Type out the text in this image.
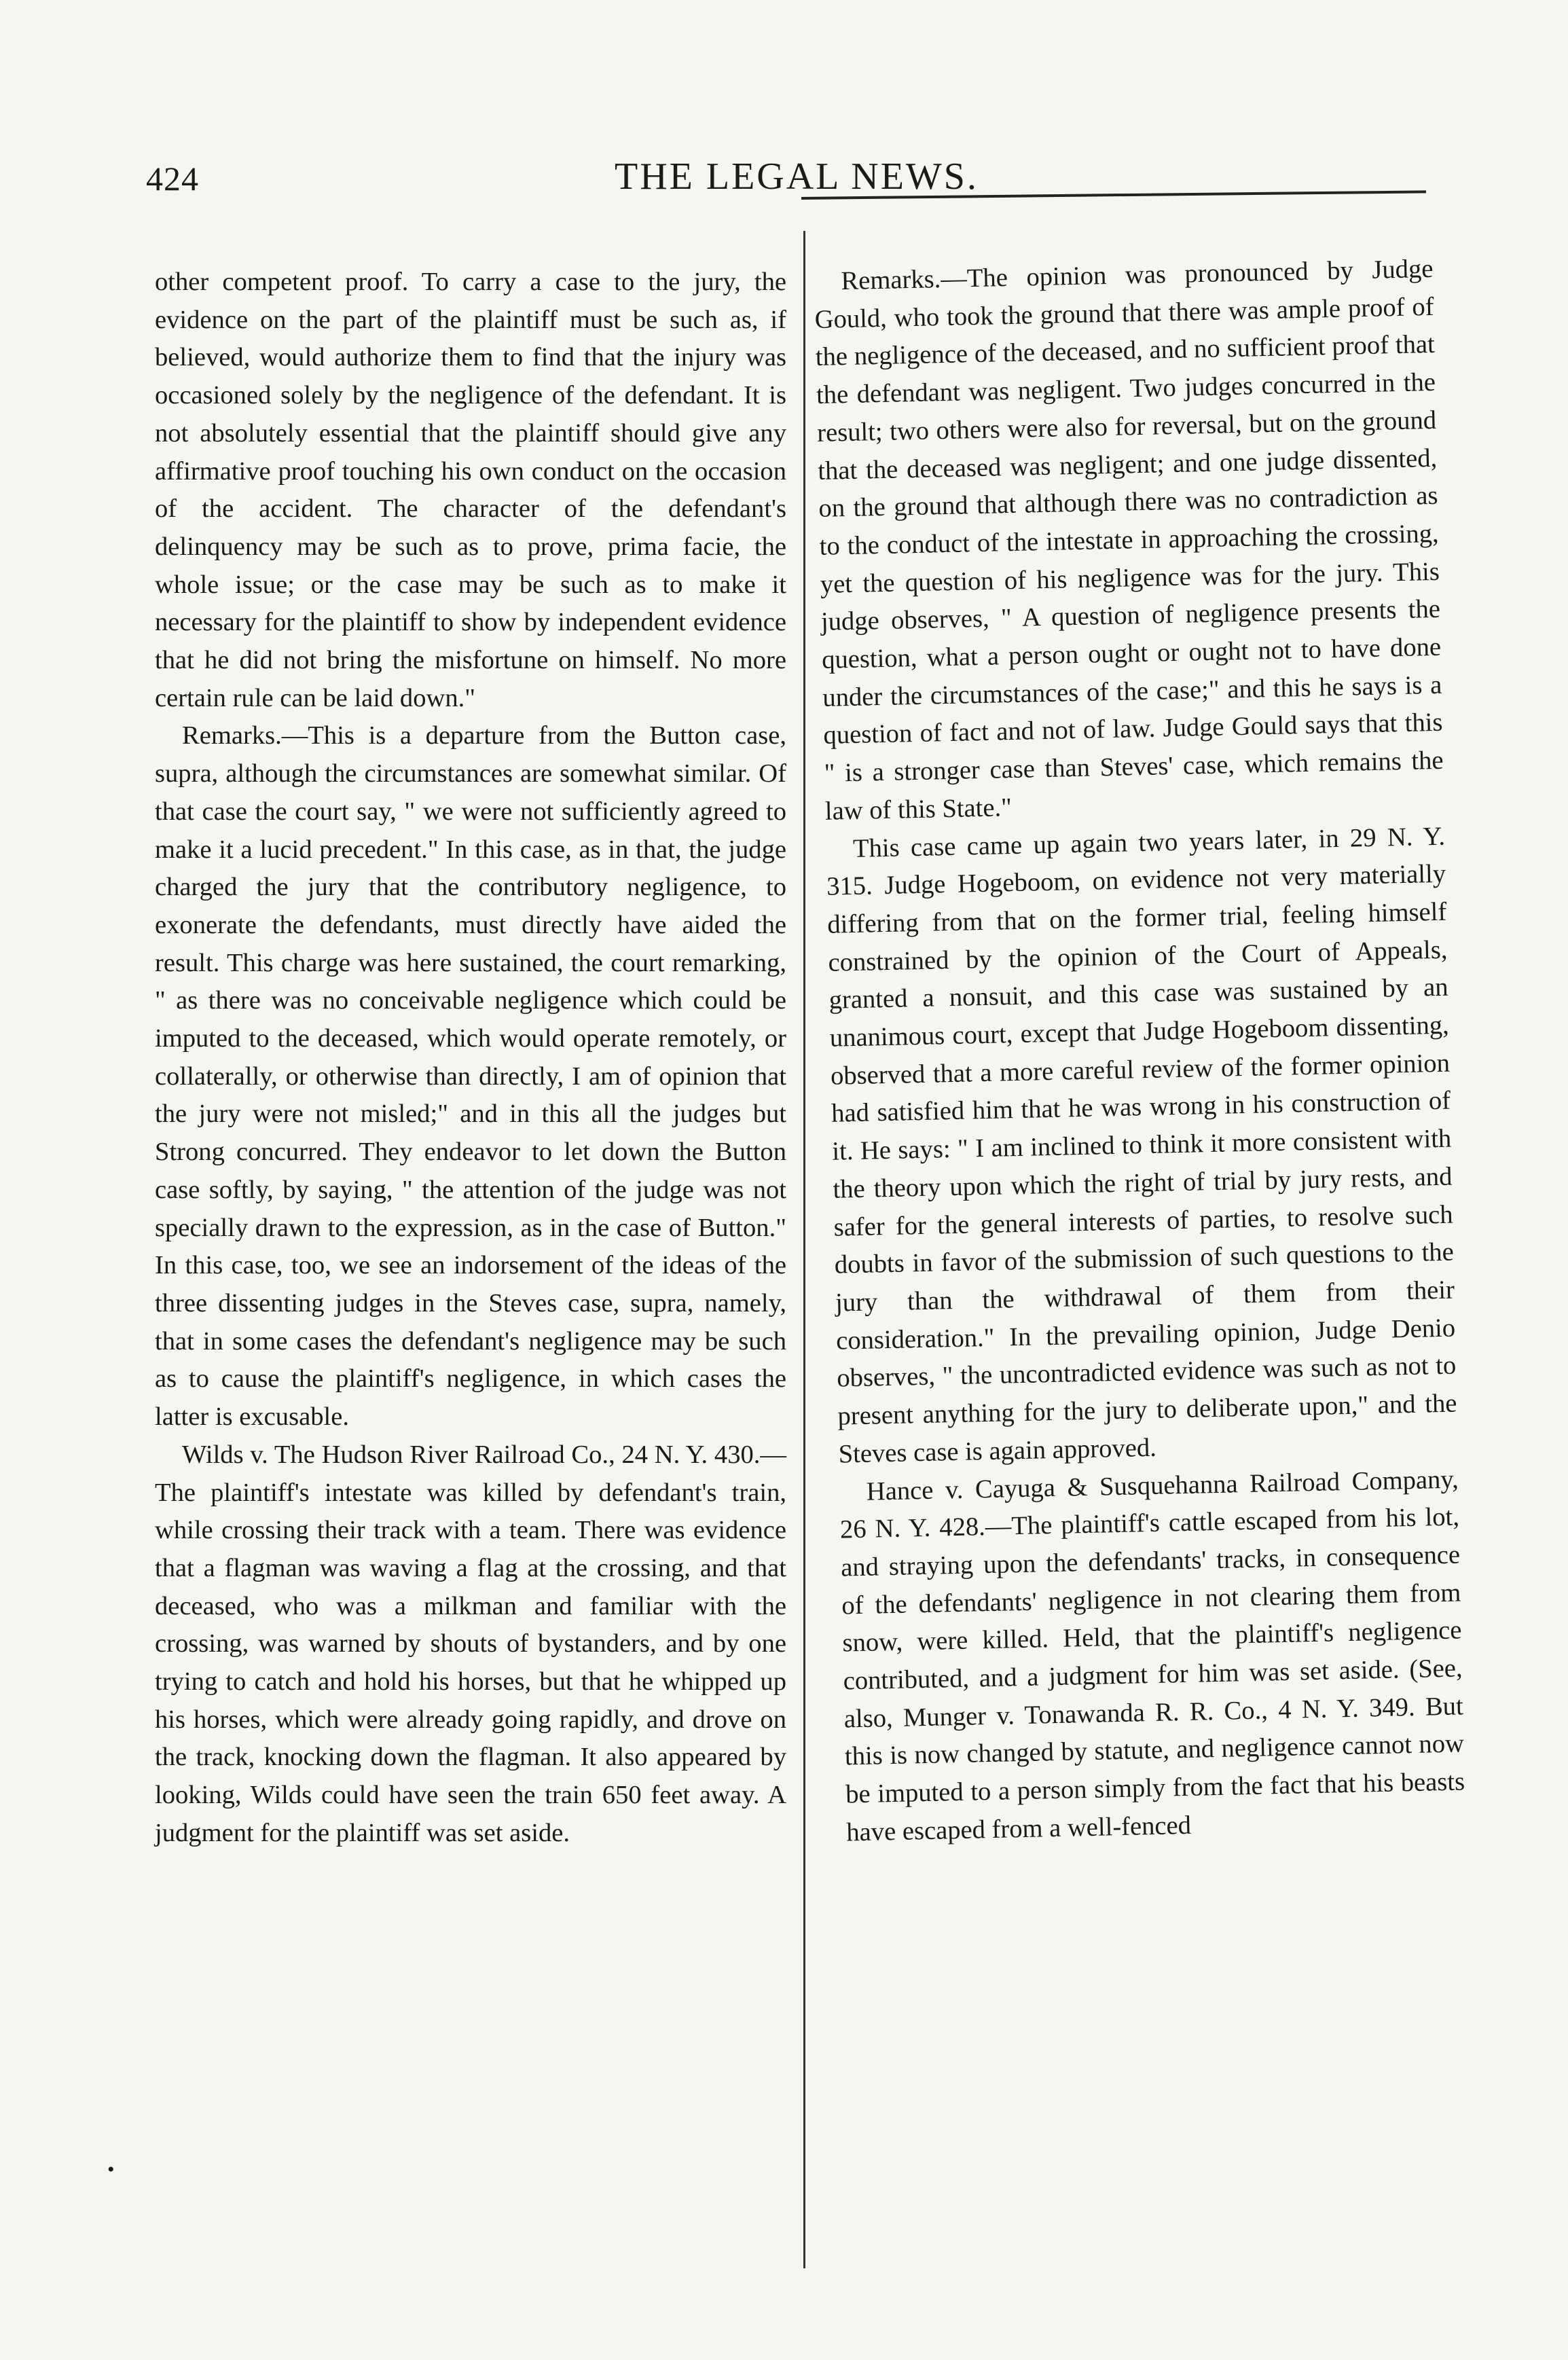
424	THE LEGAL NEWS.

other competent proof. To carry a case to the jury, the evidence on the part of the plaintiff must be such as, if believed, would authorize them to find that the injury was occasioned solely by the negligence of the defendant. It is not absolutely essential that the plaintiff should give any affirmative proof touching his own conduct on the occasion of the accident. The character of the defendant's delinquency may be such as to prove, prima facie, the whole issue; or the case may be such as to make it necessary for the plaintiff to show by independent evidence that he did not bring the misfortune on himself. No more certain rule can be laid down."

Remarks.—This is a departure from the Button case, supra, although the circumstances are somewhat similar. Of that case the court say, " we were not sufficiently agreed to make it a lucid precedent." In this case, as in that, the judge charged the jury that the contributory negligence, to exonerate the defendants, must directly have aided the result. This charge was here sustained, the court remarking, " as there was no conceivable negligence which could be imputed to the deceased, which would operate remotely, or collaterally, or otherwise than directly, I am of opinion that the jury were not misled;" and in this all the judges but Strong concurred. They endeavor to let down the Button case softly, by saying, " the attention of the judge was not specially drawn to the expression, as in the case of Button." In this case, too, we see an indorsement of the ideas of the three dissenting judges in the Steves case, supra, namely, that in some cases the defendant's negligence may be such as to cause the plaintiff's negligence, in which cases the latter is excusable.

Wilds v. The Hudson River Railroad Co., 24 N. Y. 430.—The plaintiff's intestate was killed by defendant's train, while crossing their track with a team. There was evidence that a flagman was waving a flag at the crossing, and that deceased, who was a milkman and familiar with the crossing, was warned by shouts of bystanders, and by one trying to catch and hold his horses, but that he whipped up his horses, which were already going rapidly, and drove on the track, knocking down the flagman. It also appeared by looking, Wilds could have seen the train 650 feet away. A judgment for the plaintiff was set aside.

Remarks.—The opinion was pronounced by Judge Gould, who took the ground that there was ample proof of the negligence of the deceased, and no sufficient proof that the defendant was negligent. Two judges concurred in the result; two others were also for reversal, but on the ground that the deceased was negligent; and one judge dissented, on the ground that although there was no contradiction as to the conduct of the intestate in approaching the crossing, yet the question of his negligence was for the jury. This judge observes, " A question of negligence presents the question, what a person ought or ought not to have done under the circumstances of the case;" and this he says is a question of fact and not of law. Judge Gould says that this " is a stronger case than Steves' case, which remains the law of this State."

This case came up again two years later, in 29 N. Y. 315. Judge Hogeboom, on evidence not very materially differing from that on the former trial, feeling himself constrained by the opinion of the Court of Appeals, granted a nonsuit, and this case was sustained by an unanimous court, except that Judge Hogeboom dissenting, observed that a more careful review of the former opinion had satisfied him that he was wrong in his construction of it. He says: " I am inclined to think it more consistent with the theory upon which the right of trial by jury rests, and safer for the general interests of parties, to resolve such doubts in favor of the submission of such questions to the jury than the withdrawal of them from their consideration." In the prevailing opinion, Judge Denio observes, " the uncontradicted evidence was such as not to present anything for the jury to deliberate upon," and the Steves case is again approved.

Hance v. Cayuga & Susquehanna Railroad Company, 26 N. Y. 428.—The plaintiff's cattle escaped from his lot, and straying upon the defendants' tracks, in consequence of the defendants' negligence in not clearing them from snow, were killed. Held, that the plaintiff's negligence contributed, and a judgment for him was set aside. (See, also, Munger v. Tonawanda R. R. Co., 4 N. Y. 349. But this is now changed by statute, and negligence cannot now be imputed to a person simply from the fact that his beasts have escaped from a well-fenced

•
